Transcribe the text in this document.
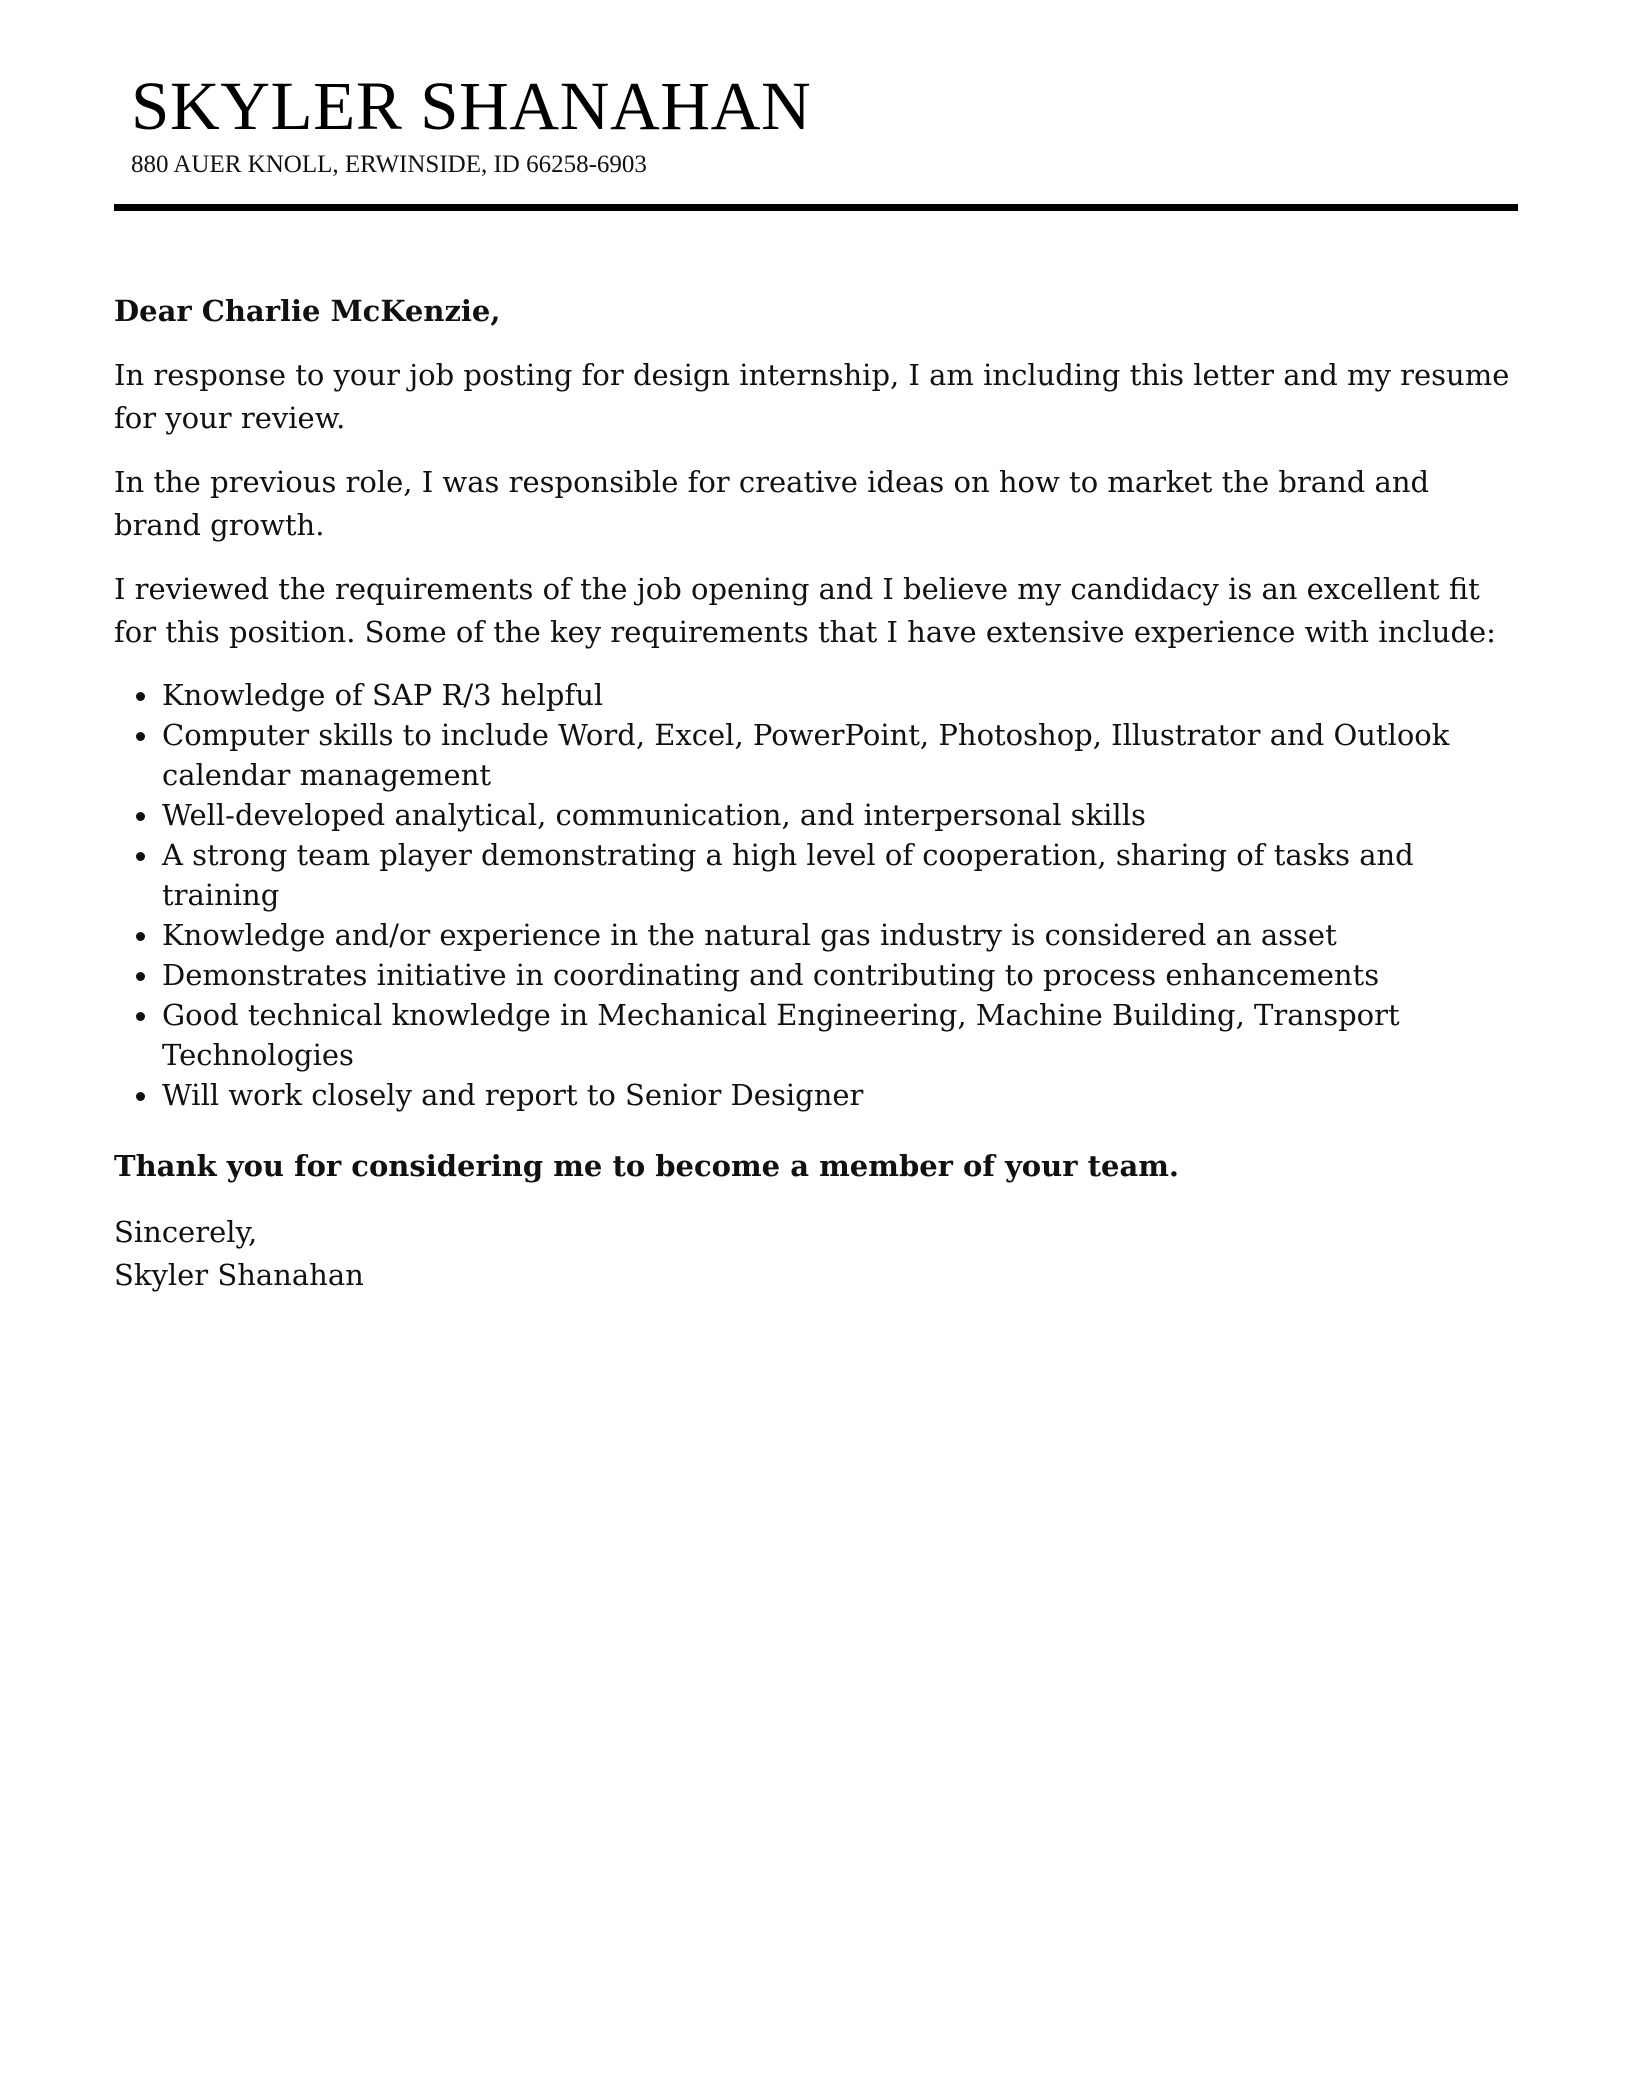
SKYLER SHANAHAN
880 AUER KNOLL, ERWINSIDE, ID 66258-6903

Dear Charlie McKenzie,

In response to your job posting for design internship, I am including this letter and my resume for your review.

In the previous role, I was responsible for creative ideas on how to market the brand and brand growth.

I reviewed the requirements of the job opening and I believe my candidacy is an excellent fit for this position. Some of the key requirements that I have extensive experience with include:

Knowledge of SAP R/3 helpful
Computer skills to include Word, Excel, PowerPoint, Photoshop, Illustrator and Outlook calendar management
Well-developed analytical, communication, and interpersonal skills
A strong team player demonstrating a high level of cooperation, sharing of tasks and training
Knowledge and/or experience in the natural gas industry is considered an asset
Demonstrates initiative in coordinating and contributing to process enhancements
Good technical knowledge in Mechanical Engineering, Machine Building, Transport Technologies
Will work closely and report to Senior Designer

Thank you for considering me to become a member of your team.

Sincerely,
Skyler Shanahan
